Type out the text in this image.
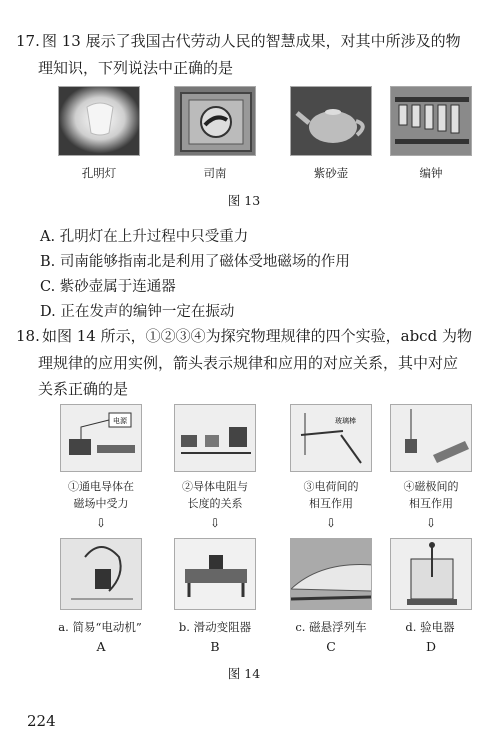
17. 图 13 展示了我国古代劳动人民的智慧成果，对其中所涉及的物
理知识，下列说法中正确的是
孔明灯	司南	紫砂壶	编钟
图 13
A. 孔明灯在上升过程中只受重力
B. 司南能够指南北是利用了磁体受地磁场的作用
C. 紫砂壶属于连通器
D. 正在发声的编钟一定在振动
18. 如图 14 所示，①②③④为探究物理规律的四个实验，abcd 为物
理规律的应用实例，箭头表示规律和应用的对应关系，其中对应
关系正确的是
电源	玻璃棒
①通电导体在
磁场中受力
②导体电阻与
长度的关系
③电荷间的
相互作用
④磁极间的
相互作用
⇩	⇩	⇩	⇩
a. 简易“电动机”	b. 滑动变阻器	c. 磁悬浮列车	d. 验电器
A	B	C	D
图 14
224
